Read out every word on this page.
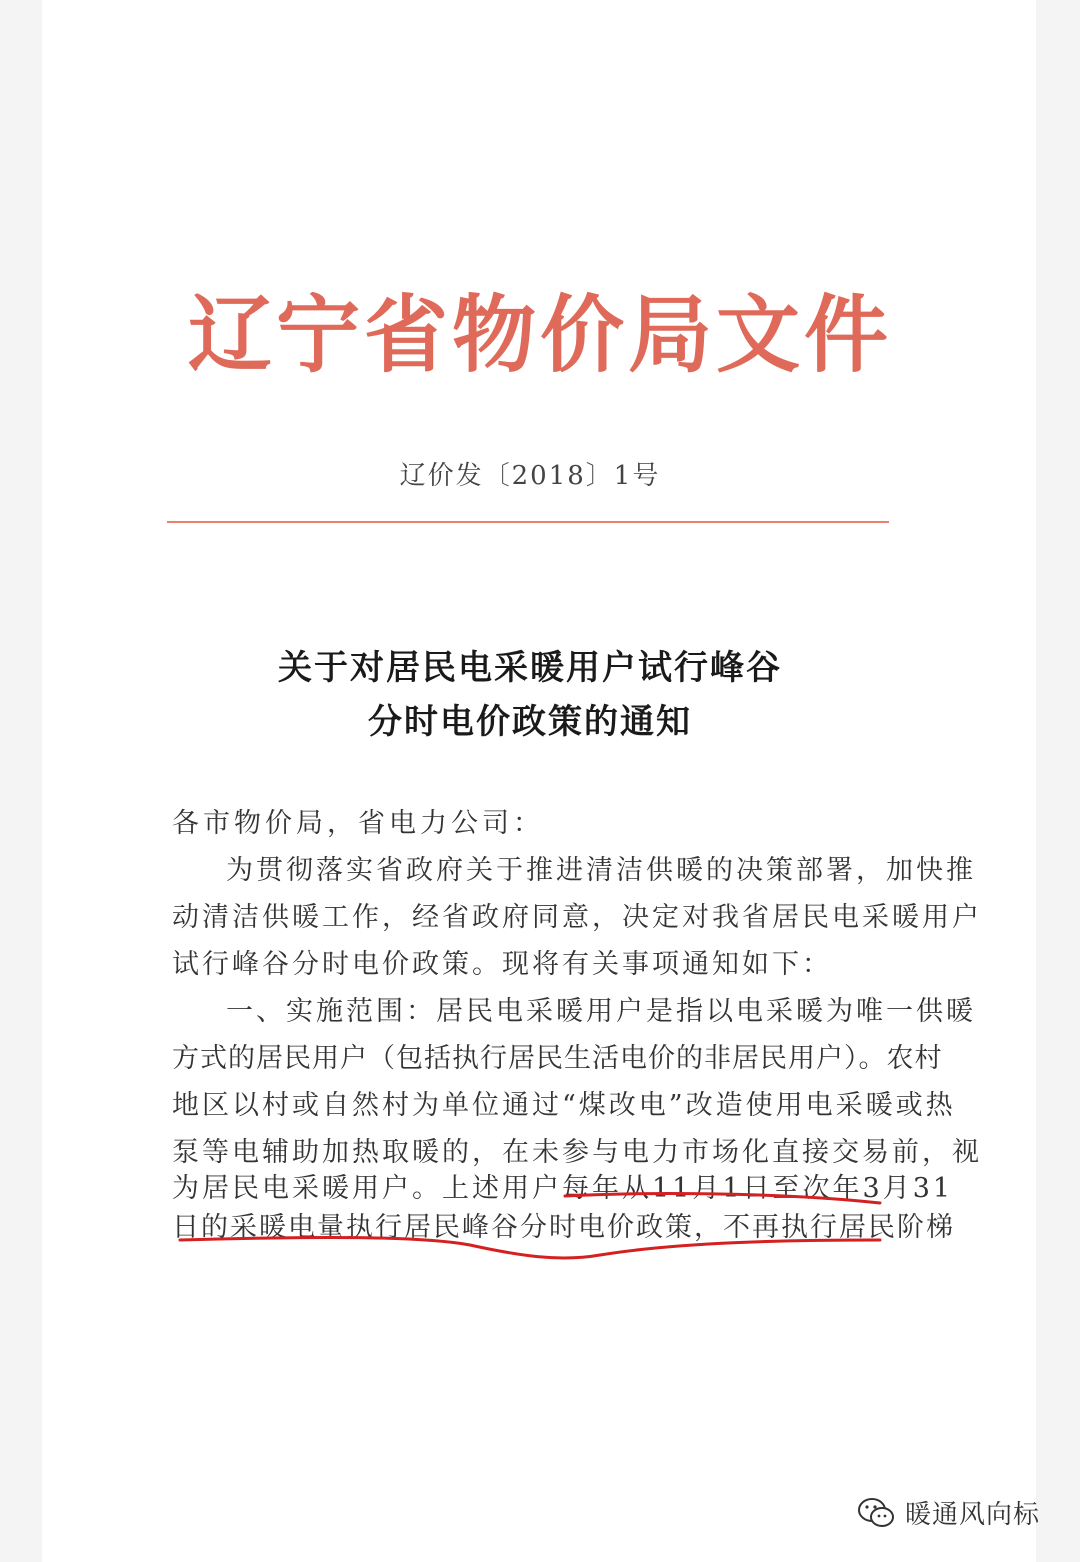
辽宁省物价局文件
辽价发〔2018〕1号
关于对居民电采暖用户试行峰谷
分时电价政策的通知
各市物价局，省电力公司：
为贯彻落实省政府关于推进清洁供暖的决策部署，加快推
动清洁供暖工作，经省政府同意，决定对我省居民电采暖用户
试行峰谷分时电价政策。现将有关事项通知如下：
一、实施范围：居民电采暖用户是指以电采暖为唯一供暖
方式的居民用户（包括执行居民生活电价的非居民用户）。农村
地区以村或自然村为单位通过“煤改电”改造使用电采暖或热
泵等电辅助加热取暖的，在未参与电力市场化直接交易前，视
为居民电采暖用户。上述用户每年从11月1日至次年3月31
日的采暖电量执行居民峰谷分时电价政策，不再执行居民阶梯
暖通风向标
